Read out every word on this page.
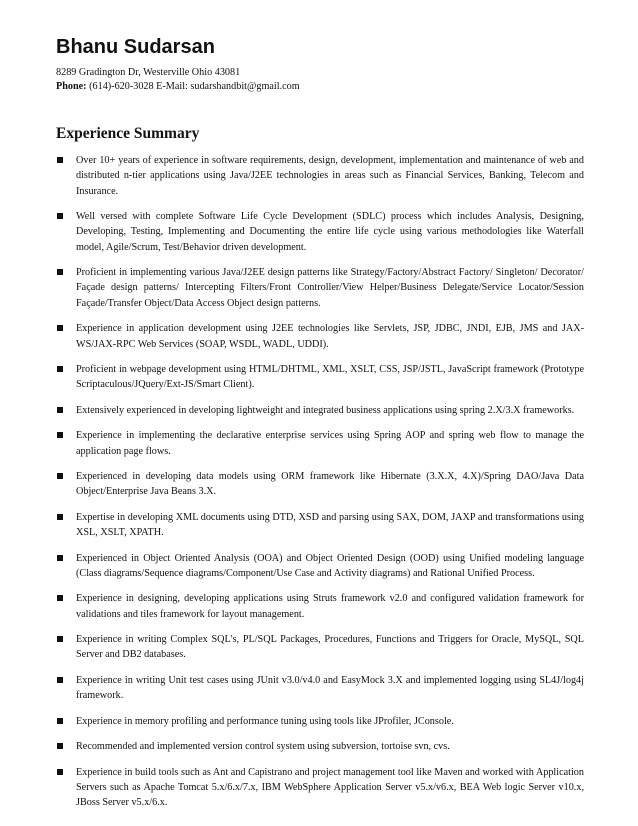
Bhanu Sudarsan
8289 Gradington Dr, Westerville Ohio 43081
Phone: (614)-620-3028 E-Mail: sudarshandbit@gmail.com
Experience Summary
Over 10+ years of experience in software requirements, design, development, implementation and maintenance of web and distributed n-tier applications using Java/J2EE technologies in areas such as Financial Services, Banking, Telecom and Insurance.
Well versed with complete Software Life Cycle Development (SDLC) process which includes Analysis, Designing, Developing, Testing, Implementing and Documenting the entire life cycle using various methodologies like Waterfall model, Agile/Scrum, Test/Behavior driven development.
Proficient in implementing various Java/J2EE design patterns like Strategy/Factory/Abstract Factory/ Singleton/ Decorator/ Façade design patterns/ Intercepting Filters/Front Controller/View Helper/Business Delegate/Service Locator/Session Façade/Transfer Object/Data Access Object design patterns.
Experience in application development using J2EE technologies like Servlets, JSP, JDBC, JNDI, EJB, JMS and JAX-WS/JAX-RPC Web Services (SOAP, WSDL, WADL, UDDI).
Proficient in webpage development using HTML/DHTML, XML, XSLT, CSS, JSP/JSTL, JavaScript framework (Prototype Scriptaculous/JQuery/Ext-JS/Smart Client).
Extensively experienced in developing lightweight and integrated business applications using spring 2.X/3.X frameworks.
Experience in implementing the declarative enterprise services using Spring AOP and spring web flow to manage the application page flows.
Experienced in developing data models using ORM framework like Hibernate (3.X.X, 4.X)/Spring DAO/Java Data Object/Enterprise Java Beans 3.X.
Expertise in developing XML documents using DTD, XSD and parsing using SAX, DOM, JAXP and transformations using XSL, XSLT, XPATH.
Experienced in Object Oriented Analysis (OOA) and Object Oriented Design (OOD) using Unified modeling language (Class diagrams/Sequence diagrams/Component/Use Case and Activity diagrams) and Rational Unified Process.
Experience in designing, developing applications using Struts framework v2.0 and configured validation framework for validations and tiles framework for layout management.
Experience in writing Complex SQL's, PL/SQL Packages, Procedures, Functions and Triggers for Oracle, MySQL, SQL Server and DB2 databases.
Experience in writing Unit test cases using JUnit v3.0/v4.0 and EasyMock 3.X and implemented logging using SL4J/log4j framework.
Experience in memory profiling and performance tuning using tools like JProfiler, JConsole.
Recommended and implemented version control system using subversion, tortoise svn, cvs.
Experience in build tools such as Ant and Capistrano and project management tool like Maven and worked with Application Servers such as Apache Tomcat 5.x/6.x/7.x, IBM WebSphere Application Server v5.x/v6.x, BEA Web logic Server v10.x, JBoss Server v5.x/6.x.
